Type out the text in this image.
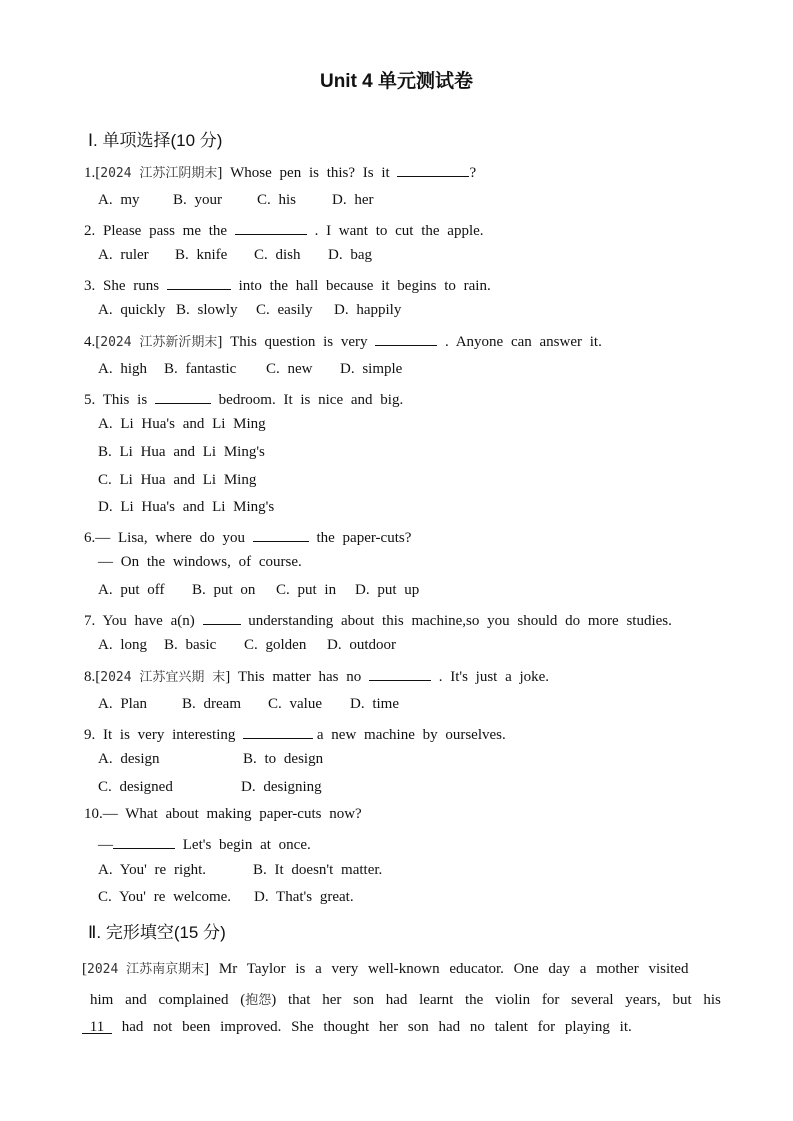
Unit 4 单元测试卷
Ⅰ. 单项选择(10 分)
1.[2024 江苏江阴期末] Whose pen is this? Is it	?
A. my B. your C. his D. her
2. Please pass me the	. I want to cut the apple.
A. ruler B. knife C. dish D. bag
3. She runs	into the hall because it begins to rain.
A. quickly B. slowly C. easily D. happily
4.[2024 江苏新沂期末] This question is very	. Anyone can answer it.
A. high B. fantastic C. new D. simple
5. This is	bedroom. It is nice and big.
A. Li Hua's and Li Ming
B. Li Hua and Li Ming's
C. Li Hua and Li Ming
D. Li Hua's and Li Ming's
6.— Lisa, where do you	the paper-cuts?
— On the windows, of course.
A. put off B. put on C. put in D. put up
7. You have a(n)	understanding about this machine,so you should do more studies.
A. long B. basic C. golden D. outdoor
8.[2024 江苏宜兴期 末] This matter has no	. It's just a joke.
A. Plan B. dream C. value D. time
9. It is very interesting	a new machine by ourselves.
A. design	B. to design
C. designed	D. designing
10.— What about making paper-cuts now?
—	Let's begin at once.
A. You' re right.	B. It doesn't matter.
C. You' re welcome. D. That's great.
Ⅱ. 完形填空(15 分)
[2024 江苏南京期末] Mr Taylor is a very well-known educator. One day a mother visited
him and complained (抱怨) that her son had learnt the violin for several years, but his
11 had not been improved. She thought her son had no talent for playing it.
